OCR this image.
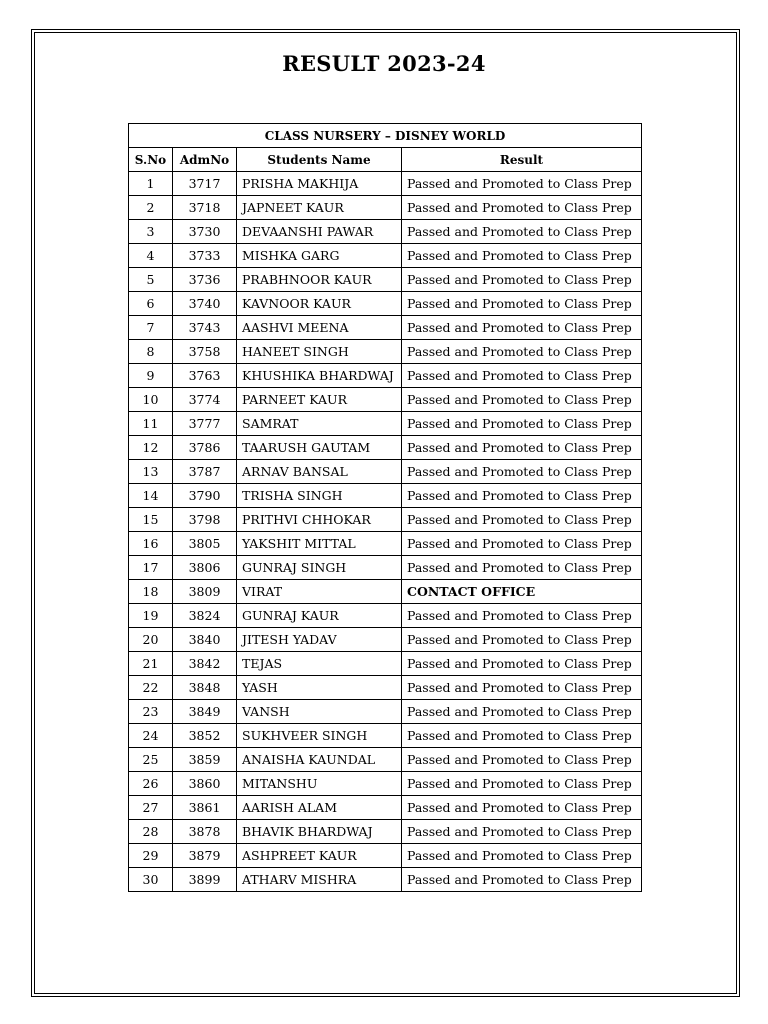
RESULT 2023-24
CLASS NURSERY – DISNEY WORLD			
S.No	AdmNo	Students Name	Result
1	3717	PRISHA MAKHIJA	Passed and Promoted to Class Prep
2	3718	JAPNEET KAUR	Passed and Promoted to Class Prep
3	3730	DEVAANSHI PAWAR	Passed and Promoted to Class Prep
4	3733	MISHKA GARG	Passed and Promoted to Class Prep
5	3736	PRABHNOOR KAUR	Passed and Promoted to Class Prep
6	3740	KAVNOOR KAUR	Passed and Promoted to Class Prep
7	3743	AASHVI MEENA	Passed and Promoted to Class Prep
8	3758	HANEET SINGH	Passed and Promoted to Class Prep
9	3763	KHUSHIKA BHARDWAJ	Passed and Promoted to Class Prep
10	3774	PARNEET KAUR	Passed and Promoted to Class Prep
11	3777	SAMRAT	Passed and Promoted to Class Prep
12	3786	TAARUSH GAUTAM	Passed and Promoted to Class Prep
13	3787	ARNAV BANSAL	Passed and Promoted to Class Prep
14	3790	TRISHA SINGH	Passed and Promoted to Class Prep
15	3798	PRITHVI CHHOKAR	Passed and Promoted to Class Prep
16	3805	YAKSHIT MITTAL	Passed and Promoted to Class Prep
17	3806	GUNRAJ SINGH	Passed and Promoted to Class Prep
18	3809	VIRAT	CONTACT OFFICE
19	3824	GUNRAJ KAUR	Passed and Promoted to Class Prep
20	3840	JITESH YADAV	Passed and Promoted to Class Prep
21	3842	TEJAS	Passed and Promoted to Class Prep
22	3848	YASH	Passed and Promoted to Class Prep
23	3849	VANSH	Passed and Promoted to Class Prep
24	3852	SUKHVEER SINGH	Passed and Promoted to Class Prep
25	3859	ANAISHA KAUNDAL	Passed and Promoted to Class Prep
26	3860	MITANSHU	Passed and Promoted to Class Prep
27	3861	AARISH ALAM	Passed and Promoted to Class Prep
28	3878	BHAVIK BHARDWAJ	Passed and Promoted to Class Prep
29	3879	ASHPREET KAUR	Passed and Promoted to Class Prep
30	3899	ATHARV MISHRA	Passed and Promoted to Class Prep
